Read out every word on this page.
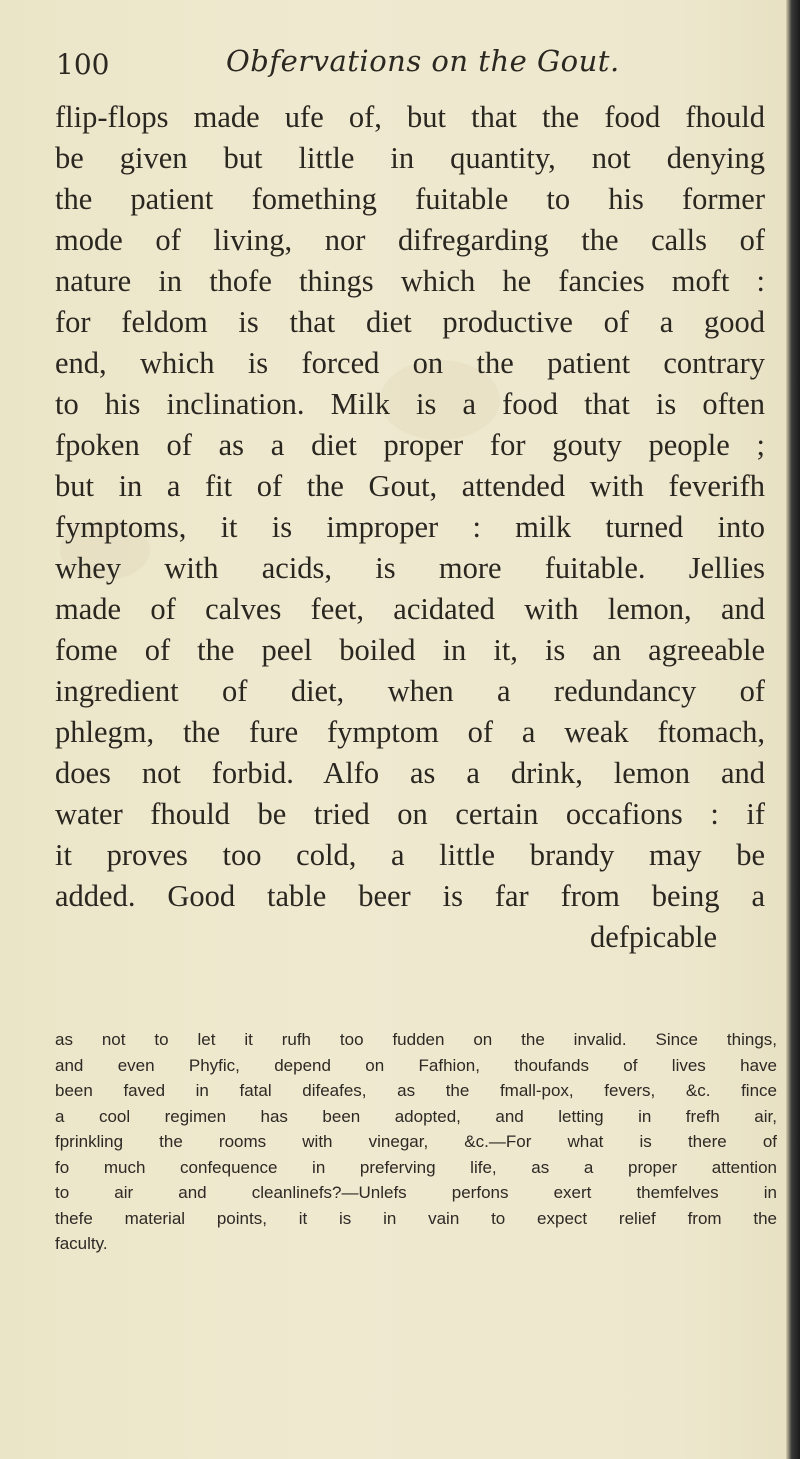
100	Obfervations on the Gout.
flip-flops made ufe of, but that the food fhould
be given but little in quantity, not denying
the patient fomething fuitable to his former
mode of living, nor difregarding the calls of
nature in thofe things which he fancies moft :
for feldom is that diet productive of a good
end, which is forced on the patient contrary
to his inclination. Milk is a food that is often
fpoken of as a diet proper for gouty people ;
but in a fit of the Gout, attended with feverifh
fymptoms, it is improper : milk turned into
whey with acids, is more fuitable. Jellies
made of calves feet, acidated with lemon, and
fome of the peel boiled in it, is an agreeable
ingredient of diet, when a redundancy of
phlegm, the fure fymptom of a weak ftomach,
does not forbid. Alfo as a drink, lemon and
water fhould be tried on certain occafions : if
it proves too cold, a little brandy may be
added. Good table beer is far from being a
defpicable
as not to let it rufh too fudden on the invalid. Since things,
and even Phyfic, depend on Fafhion, thoufands of lives have
been faved in fatal difeafes, as the fmall-pox, fevers, &c. fince
a cool regimen has been adopted, and letting in frefh air,
fprinkling the rooms with vinegar, &c.—For what is there of
fo much confequence in preferving life, as a proper attention
to air and cleanlinefs?—Unlefs perfons exert themfelves in
thefe material points, it is in vain to expect relief from the
faculty.
